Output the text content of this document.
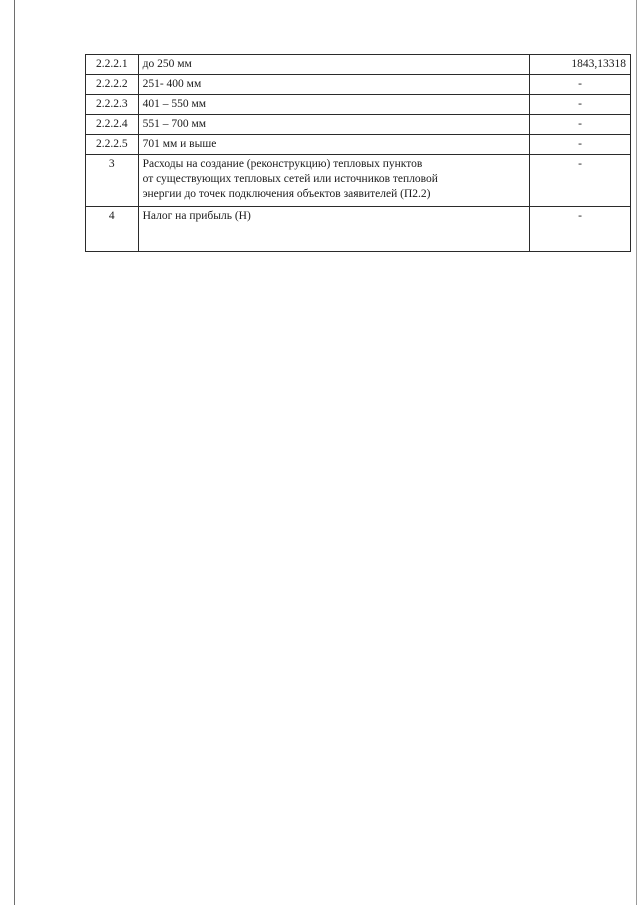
2.2.2.1	до 250 мм	1843,13318
2.2.2.2	251- 400 мм	-
2.2.2.3	401 – 550 мм	-
2.2.2.4	551 – 700 мм	-
2.2.2.5	701 мм и выше	-
3	Расходы на создание (реконструкцию) тепловых пунктов
от существующих тепловых сетей или источников тепловой
энергии до точек подключения объектов заявителей (П2.2)	-
4	Налог на прибыль (Н)	-
